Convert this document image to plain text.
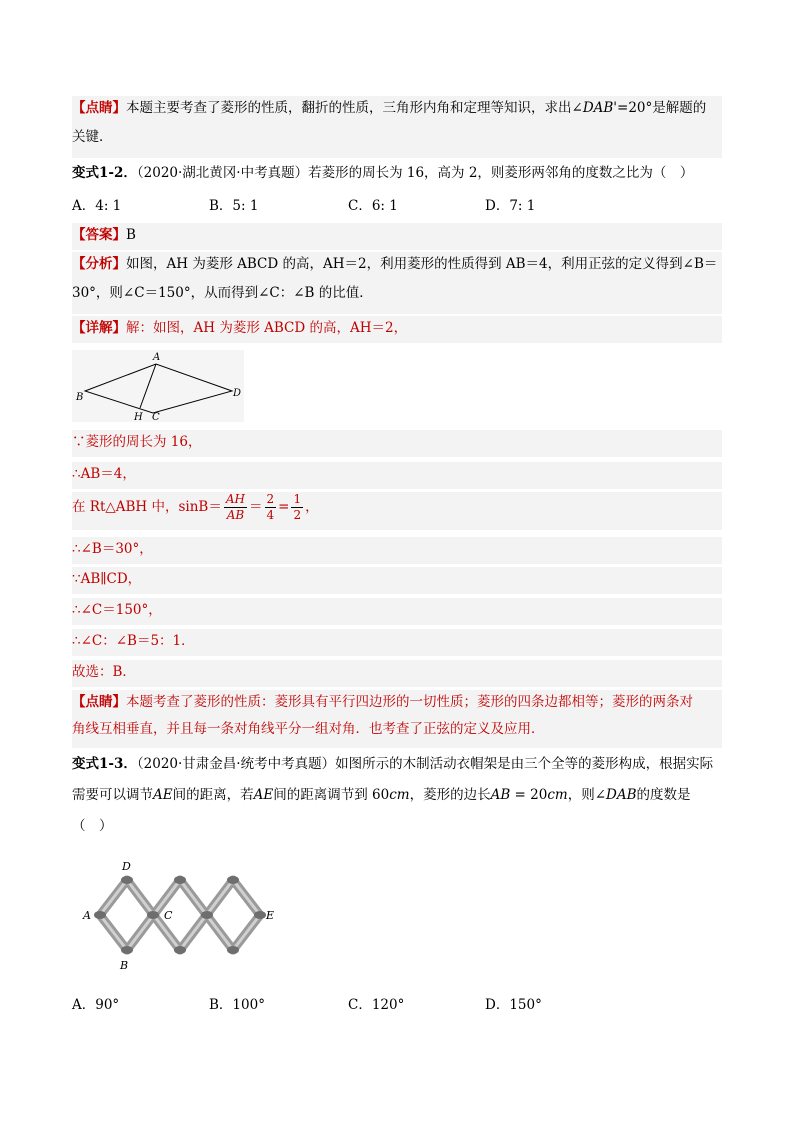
【点睛】本题主要考查了菱形的性质，翻折的性质，三角形内角和定理等知识，求出∠DAB'=20°是解题的
关键．
变式1-2．（2020·湖北黄冈·中考真题）若菱形的周长为 16，高为 2，则菱形两邻角的度数之比为（　）
A．4: 1	B．5: 1	C．6: 1	D．7: 1
【答案】B
【分析】如图，AH 为菱形 ABCD 的高，AH＝2，利用菱形的性质得到 AB＝4，利用正弦的定义得到∠B＝
30°，则∠C＝150°，从而得到∠C：∠B 的比值．
【详解】解：如图，AH 为菱形 ABCD 的高，AH＝2，
A
B
H C
D
∵菱形的周长为 16，
∴AB＝4，
在 Rt△ABH 中，$\sin B= \frac{AH}{AB} = \frac{2}{4} = \frac{1}{2}$ ，
∴∠B＝30°，
∵AB∥CD，
∴∠C＝150°，
∴∠C：∠B＝5：1．
故选：B．
【点睛】本题考查了菱形的性质：菱形具有平行四边形的一切性质；菱形的四条边都相等；菱形的两条对
角线互相垂直，并且每一条对角线平分一组对角．也考查了正弦的定义及应用．
变式1-3．（2020·甘肃金昌·统考中考真题）如图所示的木制活动衣帽架是由三个全等的菱形构成，根据实际
需要可以调节AE间的距离，若AE间的距离调节到 60cm，菱形的边长AB = 20cm，则∠DAB的度数是
（　）
A
D
B
C	E
A．90°	B．100°	C．120°	D．150°
